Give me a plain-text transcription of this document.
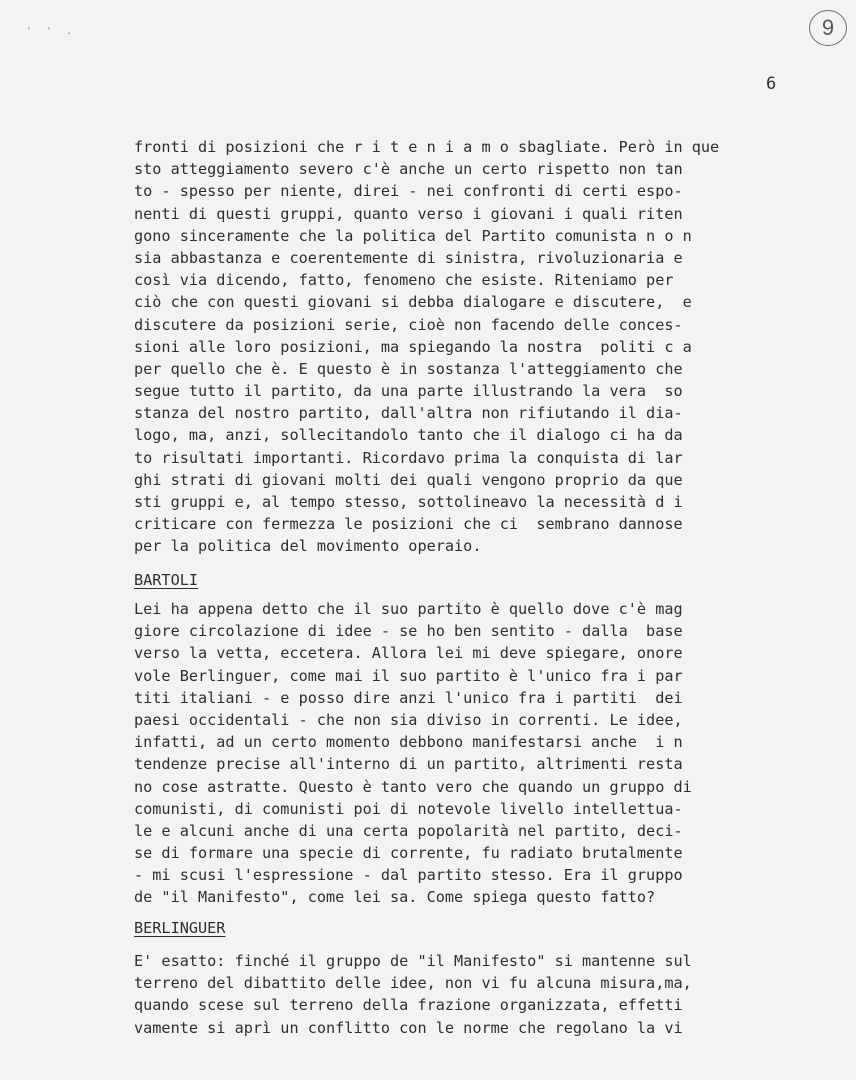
' ' .	9
6
fronti di posizioni che r i t e n i a m o sbagliate. Però in que
sto atteggiamento severo c'è anche un certo rispetto non tan
to - spesso per niente, direi - nei confronti di certi espo-
nenti di questi gruppi, quanto verso i giovani i quali riten
gono sinceramente che la politica del Partito comunista n o n
sia abbastanza e coerentemente di sinistra, rivoluzionaria e
così via dicendo, fatto, fenomeno che esiste. Riteniamo per
ciò che con questi giovani si debba dialogare e discutere,  e
discutere da posizioni serie, cioè non facendo delle conces-
sioni alle loro posizioni, ma spiegando la nostra  politi c a
per quello che è. E questo è in sostanza l'atteggiamento che
segue tutto il partito, da una parte illustrando la vera  so
stanza del nostro partito, dall'altra non rifiutando il dia-
logo, ma, anzi, sollecitandolo tanto che il dialogo ci ha da
to risultati importanti. Ricordavo prima la conquista di lar
ghi strati di giovani molti dei quali vengono proprio da que
sti gruppi e, al tempo stesso, sottolineavo la necessità d i
criticare con fermezza le posizioni che ci  sembrano dannose
per la politica del movimento operaio.
BARTOLI
Lei ha appena detto che il suo partito è quello dove c'è mag
giore circolazione di idee - se ho ben sentito - dalla  base
verso la vetta, eccetera. Allora lei mi deve spiegare, onore
vole Berlinguer, come mai il suo partito è l'unico fra i par
titi italiani - e posso dire anzi l'unico fra i partiti  dei
paesi occidentali - che non sia diviso in correnti. Le idee,
infatti, ad un certo momento debbono manifestarsi anche  i n
tendenze precise all'interno di un partito, altrimenti resta
no cose astratte. Questo è tanto vero che quando un gruppo di
comunisti, di comunisti poi di notevole livello intellettua-
le e alcuni anche di una certa popolarità nel partito, deci-
se di formare una specie di corrente, fu radiato brutalmente
- mi scusi l'espressione - dal partito stesso. Era il gruppo
de "il Manifesto", come lei sa. Come spiega questo fatto?
BERLINGUER
E' esatto: finché il gruppo de "il Manifesto" si mantenne sul
terreno del dibattito delle idee, non vi fu alcuna misura,ma,
quando scese sul terreno della frazione organizzata, effetti
vamente si aprì un conflitto con le norme che regolano la vi
